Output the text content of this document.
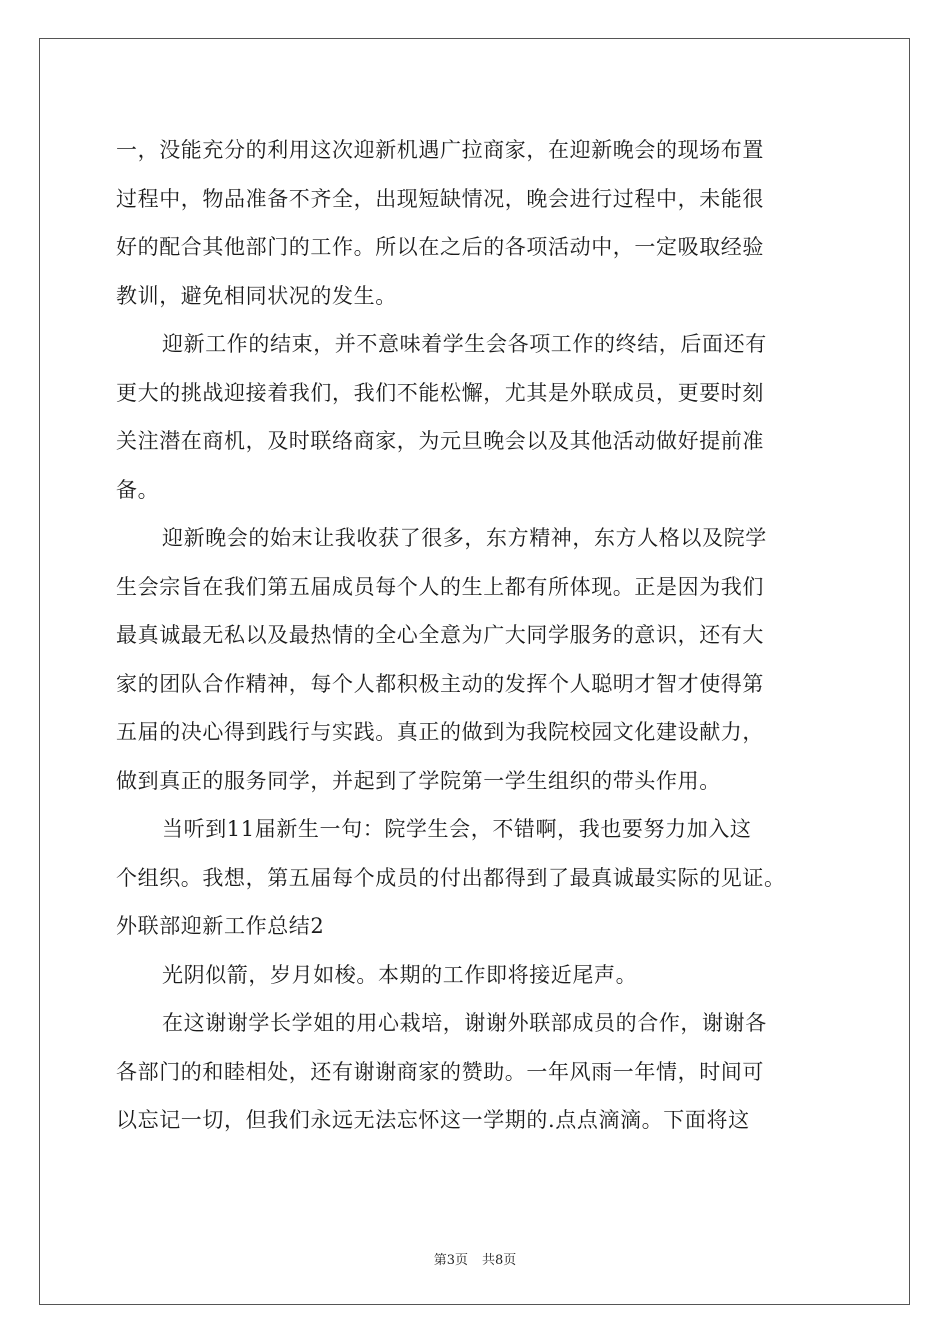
一，没能充分的利用这次迎新机遇广拉商家，在迎新晚会的现场布置
过程中，物品准备不齐全，出现短缺情况，晚会进行过程中，未能很
好的配合其他部门的工作。所以在之后的各项活动中，一定吸取经验
教训，避免相同状况的发生。
迎新工作的结束，并不意味着学生会各项工作的终结，后面还有
更大的挑战迎接着我们，我们不能松懈，尤其是外联成员，更要时刻
关注潜在商机，及时联络商家，为元旦晚会以及其他活动做好提前准
备。
迎新晚会的始末让我收获了很多，东方精神，东方人格以及院学
生会宗旨在我们第五届成员每个人的生上都有所体现。正是因为我们
最真诚最无私以及最热情的全心全意为广大同学服务的意识，还有大
家的团队合作精神，每个人都积极主动的发挥个人聪明才智才使得第
五届的决心得到践行与实践。真正的做到为我院校园文化建设献力，
做到真正的服务同学，并起到了学院第一学生组织的带头作用。
当听到11届新生一句：院学生会，不错啊，我也要努力加入这
个组织。我想，第五届每个成员的付出都得到了最真诚最实际的见证。
外联部迎新工作总结2
光阴似箭，岁月如梭。本期的工作即将接近尾声。
在这谢谢学长学姐的用心栽培，谢谢外联部成员的合作，谢谢各
各部门的和睦相处，还有谢谢商家的赞助。一年风雨一年情，时间可
以忘记一切，但我们永远无法忘怀这一学期的.点点滴滴。下面将这
第3页 共8页
